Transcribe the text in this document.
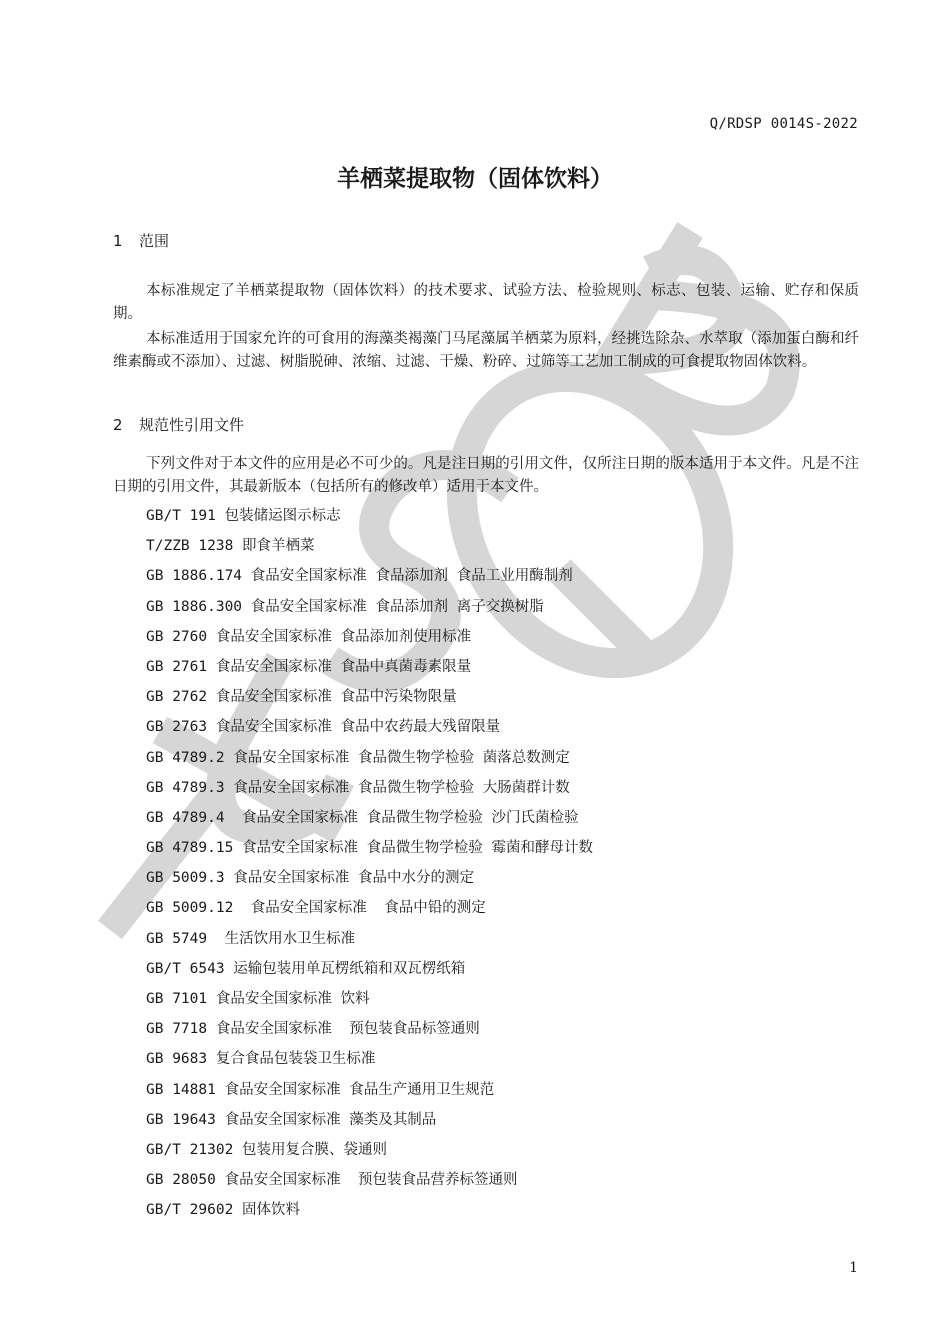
Q/RDSP 0014S-2022
羊栖菜提取物（固体饮料）
1 范围
本标准规定了羊栖菜提取物（固体饮料）的技术要求、试验方法、检验规则、标志、包装、运输、贮存和保质期。
本标准适用于国家允许的可食用的海藻类褐藻门马尾藻属羊栖菜为原料，经挑选除杂、水萃取（添加蛋白酶和纤维素酶或不添加）、过滤、树脂脱砷、浓缩、过滤、干燥、粉碎、过筛等工艺加工制成的可食提取物固体饮料。
2 规范性引用文件
下列文件对于本文件的应用是必不可少的。凡是注日期的引用文件，仅所注日期的版本适用于本文件。凡是不注日期的引用文件，其最新版本（包括所有的修改单）适用于本文件。
GB/T 191 包装储运图示标志
T/ZZB 1238 即食羊栖菜
GB 1886.174 食品安全国家标准 食品添加剂 食品工业用酶制剂
GB 1886.300 食品安全国家标准 食品添加剂 离子交换树脂
GB 2760 食品安全国家标准 食品添加剂使用标准
GB 2761 食品安全国家标准 食品中真菌毒素限量
GB 2762 食品安全国家标准 食品中污染物限量
GB 2763 食品安全国家标准 食品中农药最大残留限量
GB 4789.2 食品安全国家标准 食品微生物学检验 菌落总数测定
GB 4789.3 食品安全国家标准 食品微生物学检验 大肠菌群计数
GB 4789.4  食品安全国家标准 食品微生物学检验 沙门氏菌检验
GB 4789.15 食品安全国家标准 食品微生物学检验 霉菌和酵母计数
GB 5009.3 食品安全国家标准 食品中水分的测定
GB 5009.12  食品安全国家标准  食品中铅的测定
GB 5749  生活饮用水卫生标准
GB/T 6543 运输包装用单瓦楞纸箱和双瓦楞纸箱
GB 7101 食品安全国家标准 饮料
GB 7718 食品安全国家标准  预包装食品标签通则
GB 9683 复合食品包装袋卫生标准
GB 14881 食品安全国家标准 食品生产通用卫生规范
GB 19643 食品安全国家标准 藻类及其制品
GB/T 21302 包装用复合膜、袋通则
GB 28050 食品安全国家标准  预包装食品营养标签通则
GB/T 29602 固体饮料
1
